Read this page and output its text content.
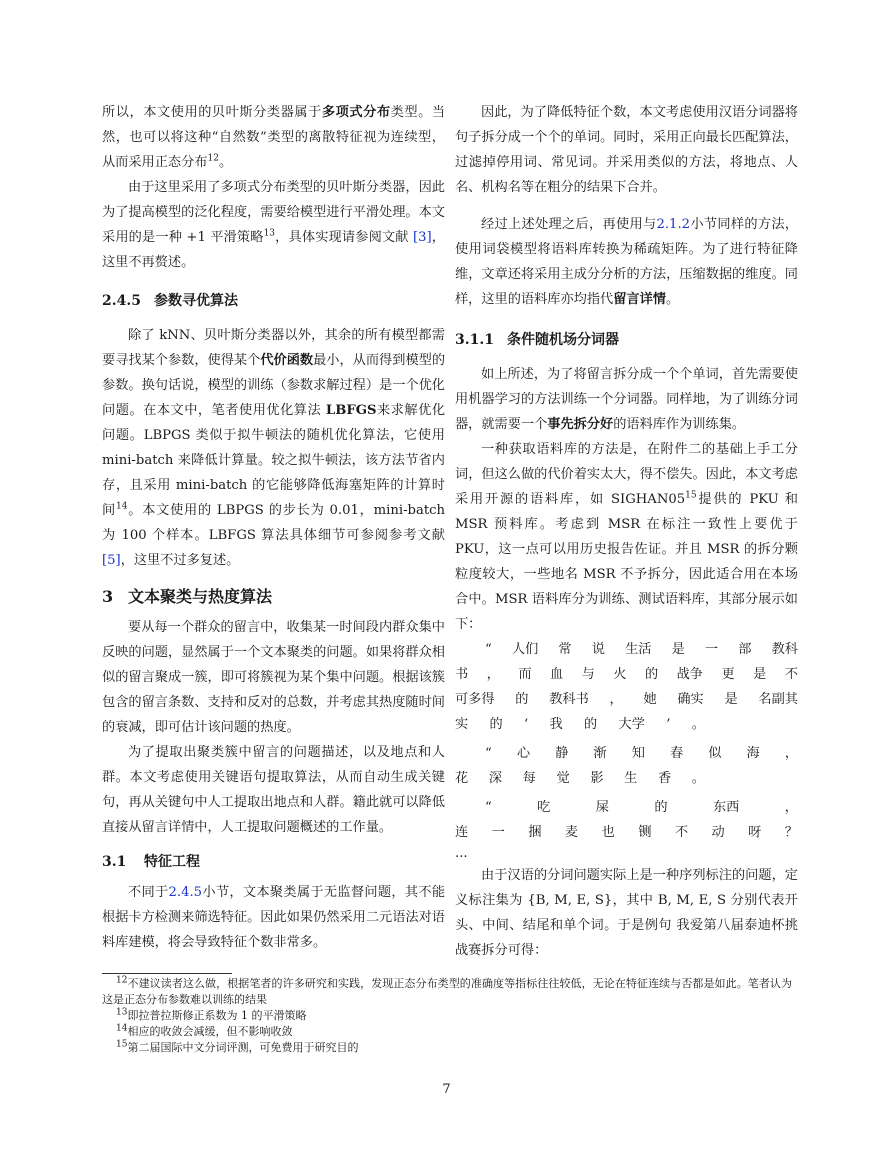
所以，本文使用的贝叶斯分类器属于多项式分布类型。当然，也可以将这种“自然数”类型的离散特征视为连续型，从而采用正态分布$^{12}$。

由于这里采用了多项式分布类型的贝叶斯分类器，因此为了提高模型的泛化程度，需要给模型进行平滑处理。本文采用的是一种 +1 平滑策略$^{13}$，具体实现请参阅文献 [3]，这里不再赘述。

2.4.5 参数寻优算法

除了 kNN、贝叶斯分类器以外，其余的所有模型都需要寻找某个参数，使得某个代价函数最小，从而得到模型的参数。换句话说，模型的训练（参数求解过程）是一个优化问题。在本文中，笔者使用优化算法 LBFGS来求解优化问题。LBPGS 类似于拟牛顿法的随机优化算法，它使用 mini-batch 来降低计算量。较之拟牛顿法，该方法节省内存，且采用 mini-batch 的它能够降低海塞矩阵的计算时间$^{14}$。本文使用的 LBPGS 的步长为 0.01，mini-batch 为 100 个样本。LBFGS 算法具体细节可参阅参考文献 [5]，这里不过多复述。

3 文本聚类与热度算法

要从每一个群众的留言中，收集某一时间段内群众集中反映的问题，显然属于一个文本聚类的问题。如果将群众相似的留言聚成一簇，即可将簇视为某个集中问题。根据该簇包含的留言条数、支持和反对的总数，并考虑其热度随时间的衰减，即可估计该问题的热度。

为了提取出聚类簇中留言的问题描述，以及地点和人群。本文考虑使用关键语句提取算法，从而自动生成关键句，再从关键句中人工提取出地点和人群。籍此就可以降低直接从留言详情中，人工提取问题概述的工作量。

3.1 特征工程

不同于2.4.5小节，文本聚类属于无监督问题，其不能根据卡方检测来筛选特征。因此如果仍然采用二元语法对语料库建模，将会导致特征个数非常多。

因此，为了降低特征个数，本文考虑使用汉语分词器将句子拆分成一个个的单词。同时，采用正向最长匹配算法，过滤掉停用词、常见词。并采用类似的方法，将地点、人名、机构名等在粗分的结果下合并。

经过上述处理之后，再使用与2.1.2小节同样的方法，使用词袋模型将语料库转换为稀疏矩阵。为了进行特征降维，文章还将采用主成分分析的方法，压缩数据的维度。同样，这里的语料库亦均指代留言详情。

3.1.1 条件随机场分词器

如上所述，为了将留言拆分成一个个单词，首先需要使用机器学习的方法训练一个分词器。同样地，为了训练分词器，就需要一个事先拆分好的语料库作为训练集。

一种获取语料库的方法是，在附件二的基础上手工分词，但这么做的代价着实太大，得不偿失。因此，本文考虑采用开源的语料库，如 $SIGHAN05^{15}$提供的 PKU 和 MSR 预料库。考虑到 MSR 在标注一致性上要优于 PKU，这一点可以用历史报告佐证。并且 MSR 的拆分颗粒度较大，一些地名 MSR 不予拆分，因此适合用在本场合中。MSR 语料库分为训练、测试语料库，其部分展示如下：

“ 人们 常 说 生活 是 一 部 教科
书 ， 而 血 与 火 的 战争 更 是 不
可多得 的 教科书 ， 她 确实 是 名副其
实 的 ‘ 我 的 大学 ’ 。
“ 心 静 渐 知 春 似 海 ，
花 深 每 觉 影 生 香 。
“	吃	屎	的	东西	，
连 一 捆 麦 也 铡 不 动 呀 ？
...

由于汉语的分词问题实际上是一种序列标注的问题，定义标注集为 {B, M, E, S}，其中 B, M, E, S 分别代表开头、中间、结尾和单个词。于是例句 我爱第八届泰迪杯挑战赛拆分可得：

$^{12}$不建议读者这么做，根据笔者的许多研究和实践，发现正态分布类型的准确度等指标往往较低，无论在特征连续与否都是如此。笔者认为这是正态分布参数难以训练的结果

$^{13}$即拉普拉斯修正系数为 1 的平滑策略

$^{14}$相应的收敛会减缓，但不影响收敛

$^{15}$第二届国际中文分词评测，可免费用于研究目的

7
